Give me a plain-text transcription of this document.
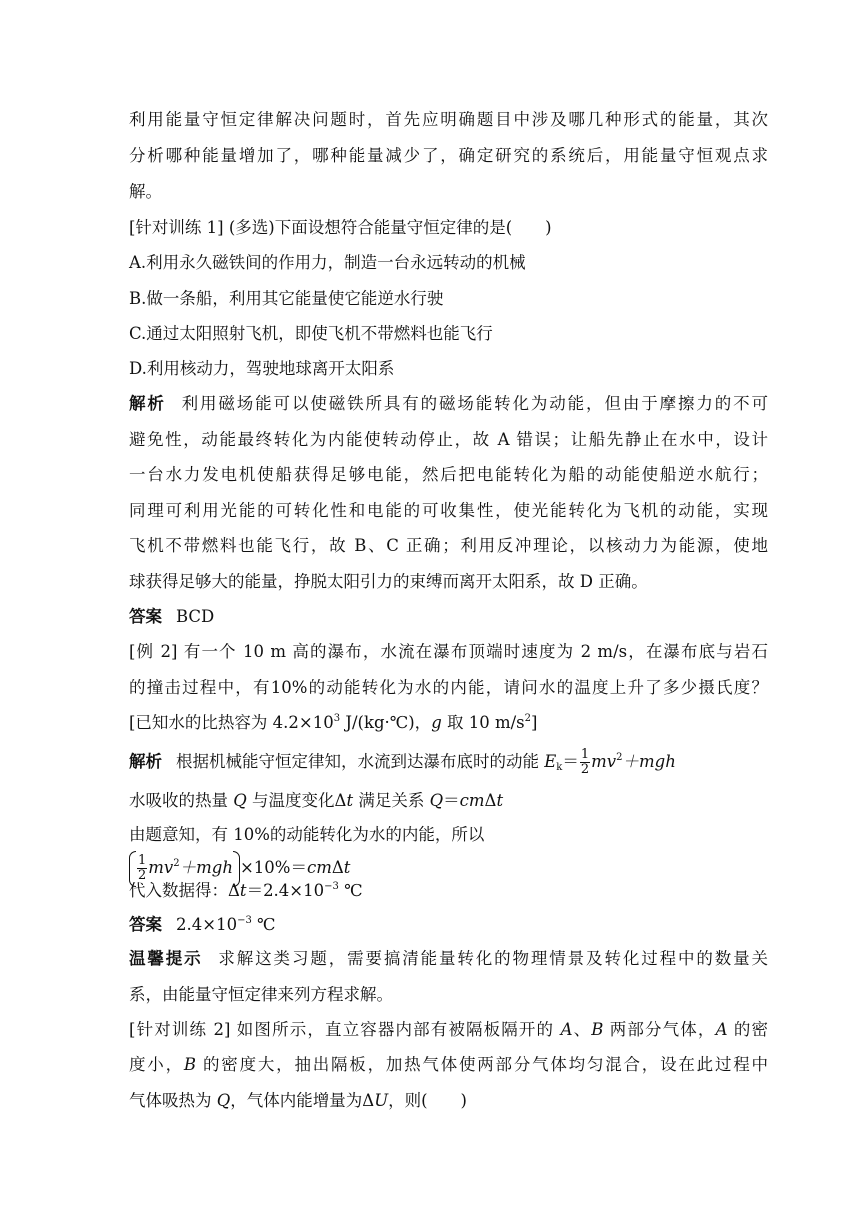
利用能量守恒定律解决问题时，首先应明确题目中涉及哪几种形式的能量，其次
分析哪种能量增加了，哪种能量减少了，确定研究的系统后，用能量守恒观点求
解。
[针对训练 1] (多选)下面设想符合能量守恒定律的是(　　)
A.利用永久磁铁间的作用力，制造一台永远转动的机械
B.做一条船，利用其它能量使它能逆水行驶
C.通过太阳照射飞机，即使飞机不带燃料也能飞行
D.利用核动力，驾驶地球离开太阳系
解析 利用磁场能可以使磁铁所具有的磁场能转化为动能，但由于摩擦力的不可
避免性，动能最终转化为内能使转动停止，故 A 错误；让船先静止在水中，设计
一台水力发电机使船获得足够电能，然后把电能转化为船的动能使船逆水航行；
同理可利用光能的可转化性和电能的可收集性，使光能转化为飞机的动能，实现
飞机不带燃料也能飞行，故 B、C 正确；利用反冲理论，以核动力为能源，使地
球获得足够大的能量，挣脱太阳引力的束缚而离开太阳系，故 D 正确。
答案 BCD
[例 2] 有一个 10 m 高的瀑布，水流在瀑布顶端时速度为 2 m/s，在瀑布底与岩石
的撞击过程中，有10%的动能转化为水的内能，请问水的温度上升了多少摄氏度？
[已知水的比热容为 $4.2\times 10^3$ J/(kg·℃)，g 取 10 $m/s^2$]
解析 根据机械能守恒定律知，水流到达瀑布底时的动能 $E_k= \frac{1}{2} mv^2+mgh$
水吸收的热量 Q 与温度变化Δt 满足关系 Q＝cmΔt
由题意知，有 10%的动能转化为水的内能，所以
$\frac{1}{2} mv^2+mgh \times 10\%=cm\Delta t$
代入数据得：$\Delta t=2.4\times 10^{-3}$ ℃
答案 $2.4\times 10^{-3}$ ℃
温馨提示 求解这类习题，需要搞清能量转化的物理情景及转化过程中的数量关
系，由能量守恒定律来列方程求解。
[针对训练 2] 如图所示，直立容器内部有被隔板隔开的 A、B 两部分气体，A 的密
度小，B 的密度大，抽出隔板，加热气体使两部分气体均匀混合，设在此过程中
气体吸热为 Q，气体内能增量为ΔU，则(　　)
